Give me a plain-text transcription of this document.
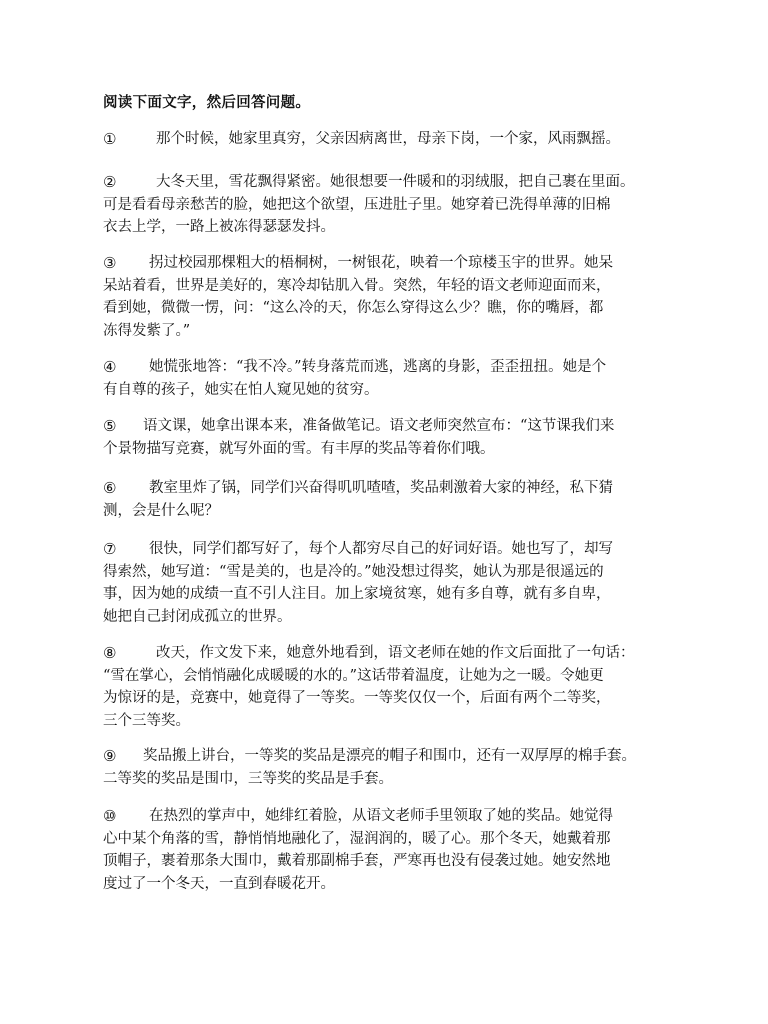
阅读下面文字，然后回答问题。
①	那个时候，她家里真穷，父亲因病离世，母亲下岗，一个家，风雨飘摇。
②	大冬天里，雪花飘得紧密。她很想要一件暖和的羽绒服，把自己裹在里面。
可是看看母亲愁苦的脸，她把这个欲望，压进肚子里。她穿着已洗得单薄的旧棉
衣去上学，一路上被冻得瑟瑟发抖。
③ 拐过校园那棵粗大的梧桐树，一树银花，映着一个琼楼玉宇的世界。她呆
呆站着看，世界是美好的，寒冷却钻肌入骨。突然，年轻的语文老师迎面而来，
看到她，微微一愣，问：“这么冷的天，你怎么穿得这么少？瞧，你的嘴唇，都
冻得发紫了。”
④ 她慌张地答：“我不冷。”转身落荒而逃，逃离的身影，歪歪扭扭。她是个
有自尊的孩子，她实在怕人窥见她的贫穷。
⑤ 语文课，她拿出课本来，准备做笔记。语文老师突然宣布：“这节课我们来
个景物描写竞赛，就写外面的雪。有丰厚的奖品等着你们哦。
⑥ 教室里炸了锅，同学们兴奋得叽叽喳喳，奖品刺激着大家的神经，私下猜
测，会是什么呢？
⑦ 很快，同学们都写好了，每个人都穷尽自己的好词好语。她也写了，却写
得索然，她写道：“雪是美的，也是冷的。”她没想过得奖，她认为那是很遥远的
事，因为她的成绩一直不引人注目。加上家境贫寒，她有多自尊，就有多自卑，
她把自己封闭成孤立的世界。
⑧	改天，作文发下来，她意外地看到，语文老师在她的作文后面批了一句话：
“雪在掌心，会悄悄融化成暖暖的水的。”这话带着温度，让她为之一暖。令她更
为惊讶的是，竞赛中，她竟得了一等奖。一等奖仅仅一个，后面有两个二等奖，
三个三等奖。
⑨ 奖品搬上讲台，一等奖的奖品是漂亮的帽子和围巾，还有一双厚厚的棉手套。
二等奖的奖品是围巾，三等奖的奖品是手套。
⑩ 在热烈的掌声中，她绯红着脸，从语文老师手里领取了她的奖品。她觉得
心中某个角落的雪，静悄悄地融化了，湿润润的，暖了心。那个冬天，她戴着那
顶帽子，裹着那条大围巾，戴着那副棉手套，严寒再也没有侵袭过她。她安然地
度过了一个冬天，一直到春暖花开。
